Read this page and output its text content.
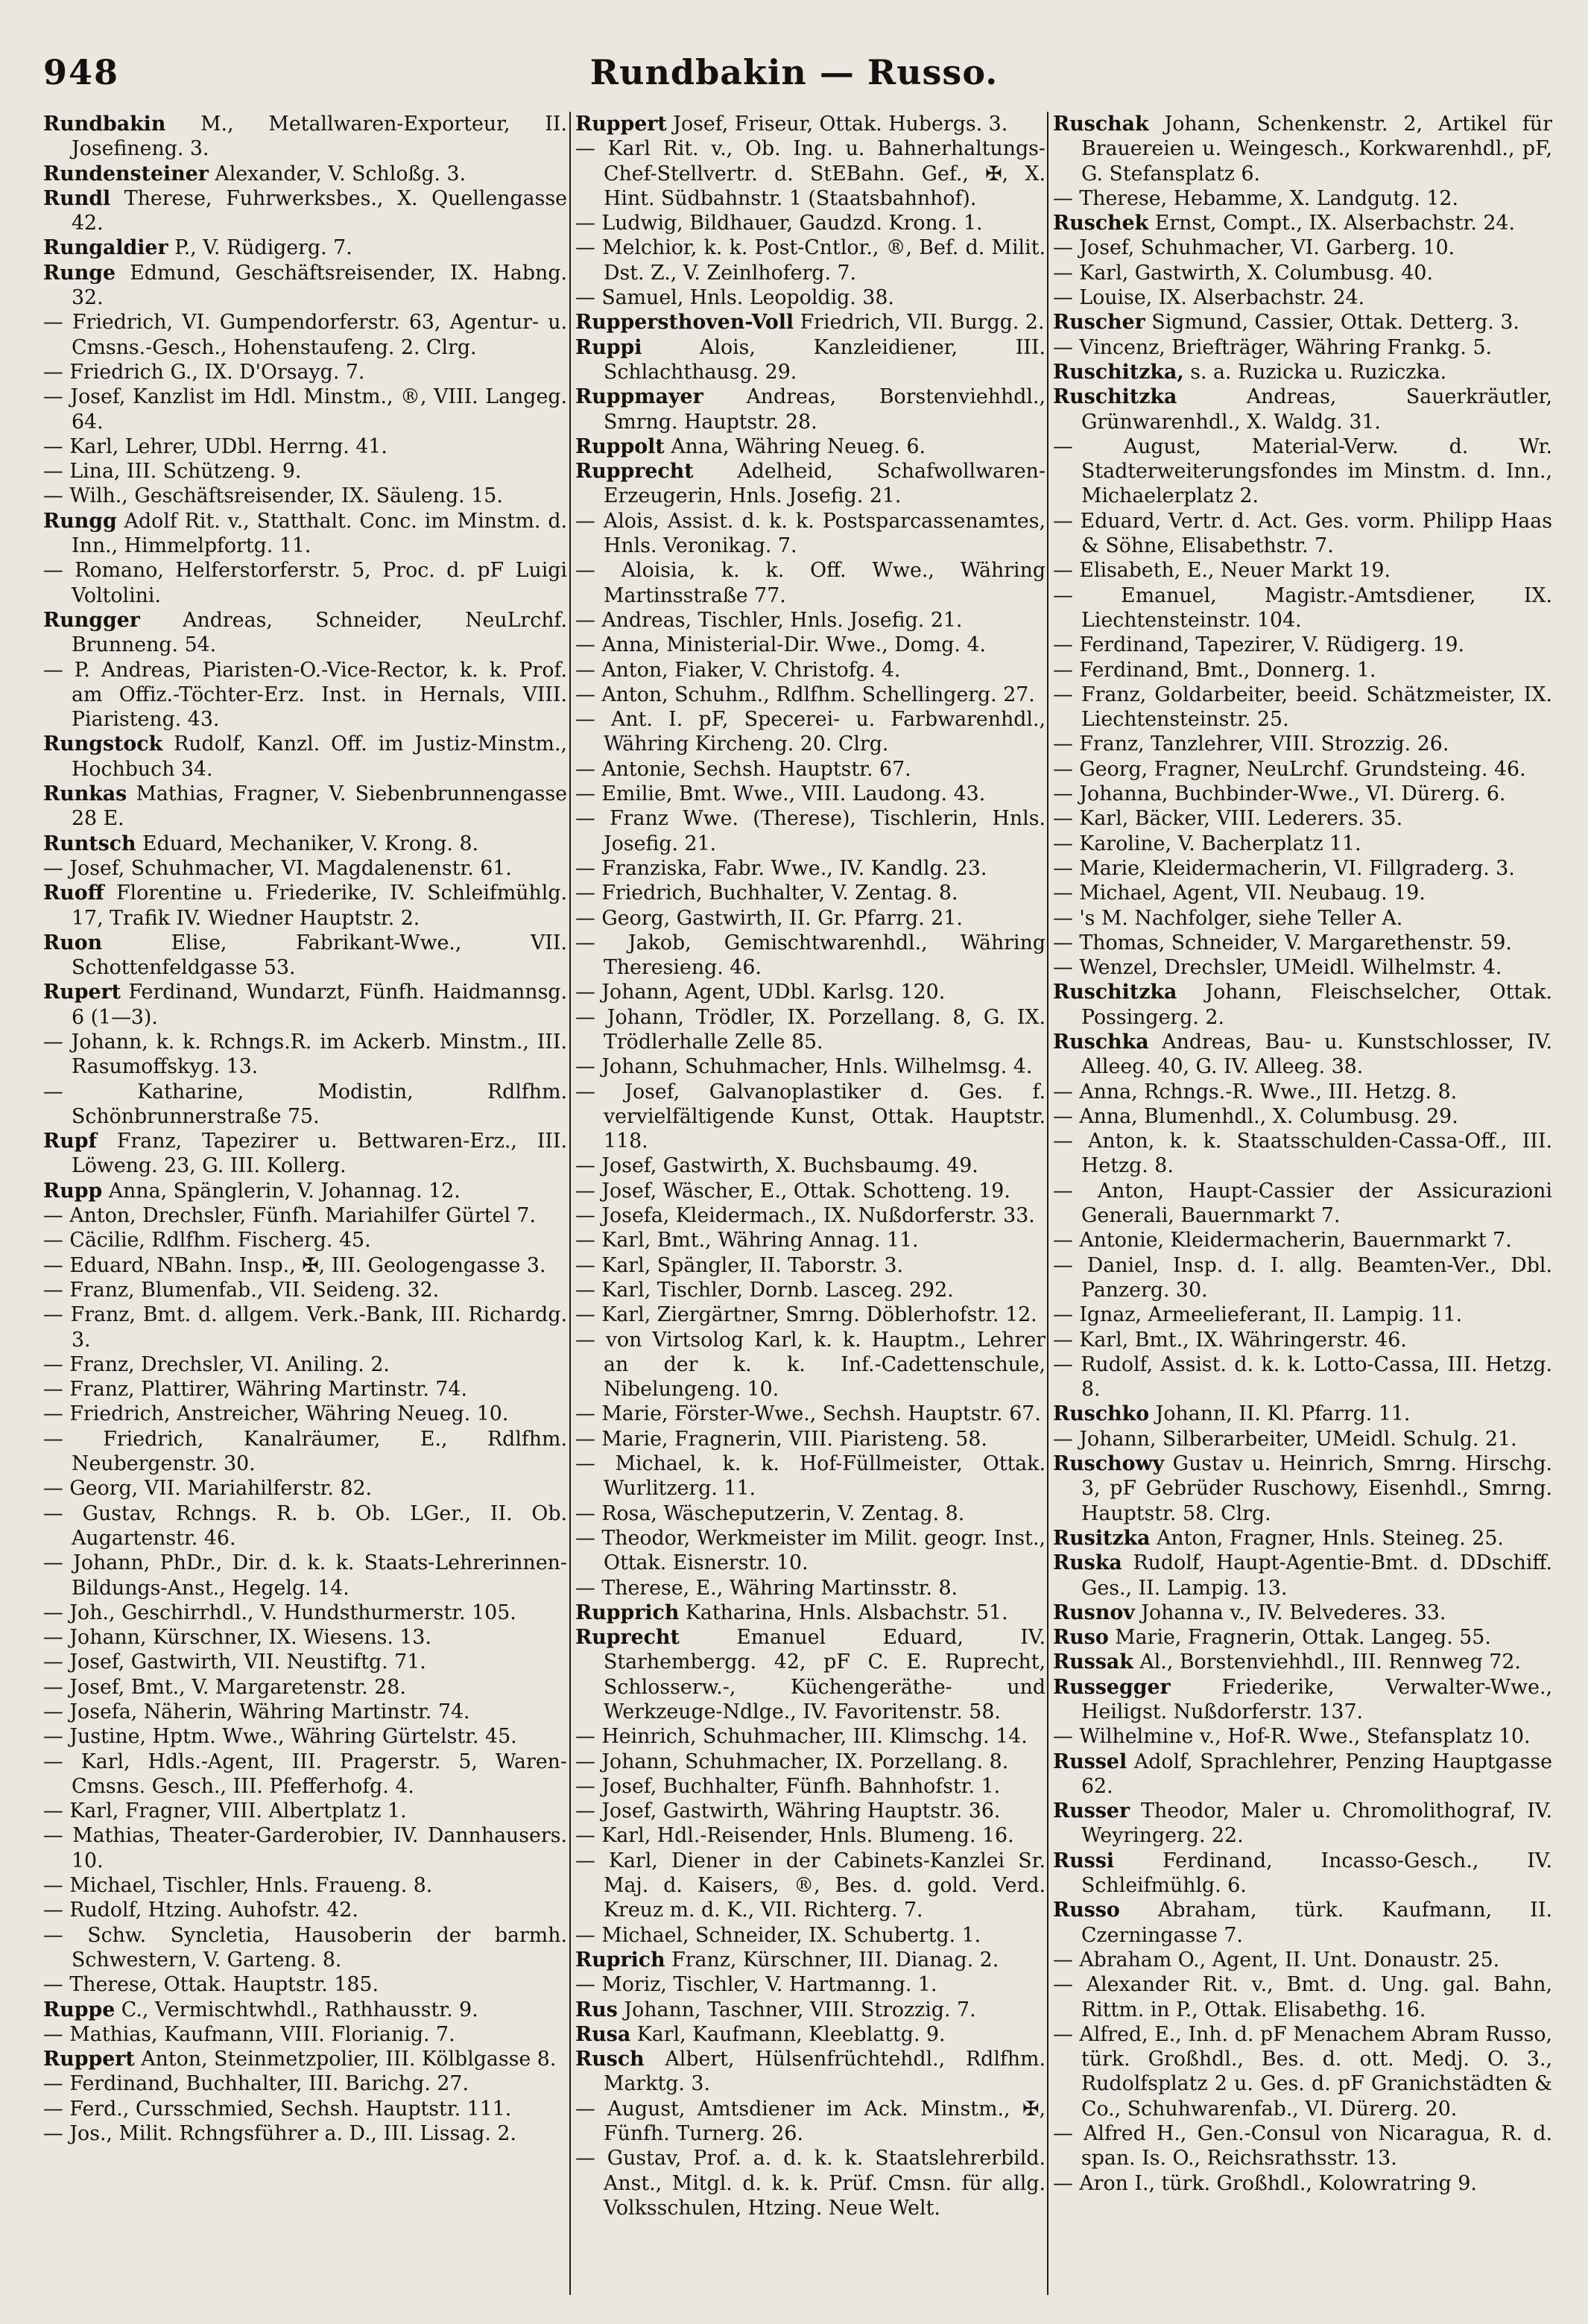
948	Rundbakin — Russo.
Rundbakin M., Metallwaren-Exporteur, II. Josefineng. 3.
Rundensteiner Alexander, V. Schloßg. 3.
Rundl Therese, Fuhrwerksbes., X. Quellengasse 42.
Rungaldier P., V. Rüdigerg. 7.
Runge Edmund, Geschäftsreisender, IX. Habng. 32.
— Friedrich, VI. Gumpendorferstr. 63, Agentur- u. Cmsns.-Gesch., Hohenstaufeng. 2. Clrg.
— Friedrich G., IX. D'Orsayg. 7.
— Josef, Kanzlist im Hdl. Minstm., ®, VIII. Langeg. 64.
— Karl, Lehrer, UDbl. Herrng. 41.
— Lina, III. Schützeng. 9.
— Wilh., Geschäftsreisender, IX. Säuleng. 15.
Rungg Adolf Rit. v., Statthalt. Conc. im Minstm. d. Inn., Himmelpfortg. 11.
— Romano, Helferstorferstr. 5, Proc. d. pF Luigi Voltolini.
Rungger Andreas, Schneider, NeuLrchf. Brunneng. 54.
— P. Andreas, Piaristen-O.-Vice-Rector, k. k. Prof. am Offiz.-Töchter-Erz. Inst. in Hernals, VIII. Piaristeng. 43.
Rungstock Rudolf, Kanzl. Off. im Justiz-Minstm., Hochbuch 34.
Runkas Mathias, Fragner, V. Siebenbrunnengasse 28 E.
Runtsch Eduard, Mechaniker, V. Krong. 8.
— Josef, Schuhmacher, VI. Magdalenenstr. 61.
Ruoff Florentine u. Friederike, IV. Schleifmühlg. 17, Trafik IV. Wiedner Hauptstr. 2.
Ruon Elise, Fabrikant-Wwe., VII. Schottenfeldgasse 53.
Rupert Ferdinand, Wundarzt, Fünfh. Haidmannsg. 6 (1—3).
— Johann, k. k. Rchngs.R. im Ackerb. Minstm., III. Rasumoffskyg. 13.
— Katharine, Modistin, Rdlfhm. Schönbrunnerstraße 75.
Rupf Franz, Tapezirer u. Bettwaren-Erz., III. Löweng. 23, G. III. Kollerg.
Rupp Anna, Spänglerin, V. Johannag. 12.
— Anton, Drechsler, Fünfh. Mariahilfer Gürtel 7.
— Cäcilie, Rdlfhm. Fischerg. 45.
— Eduard, NBahn. Insp., ✠, III. Geologengasse 3.
— Franz, Blumenfab., VII. Seideng. 32.
— Franz, Bmt. d. allgem. Verk.-Bank, III. Richardg. 3.
— Franz, Drechsler, VI. Aniling. 2.
— Franz, Plattirer, Währing Martinstr. 74.
— Friedrich, Anstreicher, Währing Neueg. 10.
— Friedrich, Kanalräumer, E., Rdlfhm. Neubergenstr. 30.
— Georg, VII. Mariahilferstr. 82.
— Gustav, Rchngs. R. b. Ob. LGer., II. Ob. Augartenstr. 46.
— Johann, PhDr., Dir. d. k. k. Staats-Lehrerinnen-Bildungs-Anst., Hegelg. 14.
— Joh., Geschirrhdl., V. Hundsthurmerstr. 105.
— Johann, Kürschner, IX. Wiesens. 13.
— Josef, Gastwirth, VII. Neustiftg. 71.
— Josef, Bmt., V. Margaretenstr. 28.
— Josefa, Näherin, Währing Martinstr. 74.
— Justine, Hptm. Wwe., Währing Gürtelstr. 45.
— Karl, Hdls.-Agent, III. Pragerstr. 5, Waren-Cmsns. Gesch., III. Pfefferhofg. 4.
— Karl, Fragner, VIII. Albertplatz 1.
— Mathias, Theater-Garderobier, IV. Dannhausers. 10.
— Michael, Tischler, Hnls. Fraueng. 8.
— Rudolf, Htzing. Auhofstr. 42.
— Schw. Syncletia, Hausoberin der barmh. Schwestern, V. Garteng. 8.
— Therese, Ottak. Hauptstr. 185.
Ruppe C., Vermischtwhdl., Rathhausstr. 9.
— Mathias, Kaufmann, VIII. Florianig. 7.
Ruppert Anton, Steinmetzpolier, III. Kölblgasse 8.
— Ferdinand, Buchhalter, III. Barichg. 27.
— Ferd., Cursschmied, Sechsh. Hauptstr. 111.
— Jos., Milit. Rchngsführer a. D., III. Lissag. 2.
Ruppert Josef, Friseur, Ottak. Hubergs. 3.
— Karl Rit. v., Ob. Ing. u. Bahnerhaltungs-Chef-Stellvertr. d. StEBahn. Gef., ✠, X. Hint. Südbahnstr. 1 (Staatsbahnhof).
— Ludwig, Bildhauer, Gaudzd. Krong. 1.
— Melchior, k. k. Post-Cntlor., ®, Bef. d. Milit. Dst. Z., V. Zeinlhoferg. 7.
— Samuel, Hnls. Leopoldig. 38.
Ruppersthoven-Voll Friedrich, VII. Burgg. 2.
Ruppi Alois, Kanzleidiener, III. Schlachthausg. 29.
Ruppmayer Andreas, Borstenviehhdl., Smrng. Hauptstr. 28.
Ruppolt Anna, Währing Neueg. 6.
Rupprecht Adelheid, Schafwollwaren-Erzeugerin, Hnls. Josefig. 21.
— Alois, Assist. d. k. k. Postsparcassenamtes, Hnls. Veronikag. 7.
— Aloisia, k. k. Off. Wwe., Währing Martinsstraße 77.
— Andreas, Tischler, Hnls. Josefig. 21.
— Anna, Ministerial-Dir. Wwe., Domg. 4.
— Anton, Fiaker, V. Christofg. 4.
— Anton, Schuhm., Rdlfhm. Schellingerg. 27.
— Ant. I. pF, Specerei- u. Farbwarenhdl., Währing Kircheng. 20. Clrg.
— Antonie, Sechsh. Hauptstr. 67.
— Emilie, Bmt. Wwe., VIII. Laudong. 43.
— Franz Wwe. (Therese), Tischlerin, Hnls. Josefig. 21.
— Franziska, Fabr. Wwe., IV. Kandlg. 23.
— Friedrich, Buchhalter, V. Zentag. 8.
— Georg, Gastwirth, II. Gr. Pfarrg. 21.
— Jakob, Gemischtwarenhdl., Währing Theresieng. 46.
— Johann, Agent, UDbl. Karlsg. 120.
— Johann, Trödler, IX. Porzellang. 8, G. IX. Trödlerhalle Zelle 85.
— Johann, Schuhmacher, Hnls. Wilhelmsg. 4.
— Josef, Galvanoplastiker d. Ges. f. vervielfältigende Kunst, Ottak. Hauptstr. 118.
— Josef, Gastwirth, X. Buchsbaumg. 49.
— Josef, Wäscher, E., Ottak. Schotteng. 19.
— Josefa, Kleidermach., IX. Nußdorferstr. 33.
— Karl, Bmt., Währing Annag. 11.
— Karl, Spängler, II. Taborstr. 3.
— Karl, Tischler, Dornb. Lasceg. 292.
— Karl, Ziergärtner, Smrng. Döblerhofstr. 12.
— von Virtsolog Karl, k. k. Hauptm., Lehrer an der k. k. Inf.-Cadettenschule, Nibelungeng. 10.
— Marie, Förster-Wwe., Sechsh. Hauptstr. 67.
— Marie, Fragnerin, VIII. Piaristeng. 58.
— Michael, k. k. Hof-Füllmeister, Ottak. Wurlitzerg. 11.
— Rosa, Wäscheputzerin, V. Zentag. 8.
— Theodor, Werkmeister im Milit. geogr. Inst., Ottak. Eisnerstr. 10.
— Therese, E., Währing Martinsstr. 8.
Rupprich Katharina, Hnls. Alsbachstr. 51.
Ruprecht Emanuel Eduard, IV. Starhembergg. 42, pF C. E. Ruprecht, Schlosserw.-, Küchengeräthe- und Werkzeuge-Ndlge., IV. Favoritenstr. 58.
— Heinrich, Schuhmacher, III. Klimschg. 14.
— Johann, Schuhmacher, IX. Porzellang. 8.
— Josef, Buchhalter, Fünfh. Bahnhofstr. 1.
— Josef, Gastwirth, Währing Hauptstr. 36.
— Karl, Hdl.-Reisender, Hnls. Blumeng. 16.
— Karl, Diener in der Cabinets-Kanzlei Sr. Maj. d. Kaisers, ®, Bes. d. gold. Verd. Kreuz m. d. K., VII. Richterg. 7.
— Michael, Schneider, IX. Schubertg. 1.
Ruprich Franz, Kürschner, III. Dianag. 2.
— Moriz, Tischler, V. Hartmanng. 1.
Rus Johann, Taschner, VIII. Strozzig. 7.
Rusa Karl, Kaufmann, Kleeblattg. 9.
Rusch Albert, Hülsenfrüchtehdl., Rdlfhm. Marktg. 3.
— August, Amtsdiener im Ack. Minstm., ✠, Fünfh. Turnerg. 26.
— Gustav, Prof. a. d. k. k. Staatslehrerbild. Anst., Mitgl. d. k. k. Prüf. Cmsn. für allg. Volksschulen, Htzing. Neue Welt.
Ruschak Johann, Schenkenstr. 2, Artikel für Brauereien u. Weingesch., Korkwarenhdl., pF, G. Stefansplatz 6.
— Therese, Hebamme, X. Landgutg. 12.
Ruschek Ernst, Compt., IX. Alserbachstr. 24.
— Josef, Schuhmacher, VI. Garberg. 10.
— Karl, Gastwirth, X. Columbusg. 40.
— Louise, IX. Alserbachstr. 24.
Ruscher Sigmund, Cassier, Ottak. Detterg. 3.
— Vincenz, Briefträger, Währing Frankg. 5.
Ruschitzka, s. a. Ruzicka u. Ruziczka.
Ruschitzka Andreas, Sauerkräutler, Grünwarenhdl., X. Waldg. 31.
— August, Material-Verw. d. Wr. Stadterweiterungsfondes im Minstm. d. Inn., Michaelerplatz 2.
— Eduard, Vertr. d. Act. Ges. vorm. Philipp Haas & Söhne, Elisabethstr. 7.
— Elisabeth, E., Neuer Markt 19.
— Emanuel, Magistr.-Amtsdiener, IX. Liechtensteinstr. 104.
— Ferdinand, Tapezirer, V. Rüdigerg. 19.
— Ferdinand, Bmt., Donnerg. 1.
— Franz, Goldarbeiter, beeid. Schätzmeister, IX. Liechtensteinstr. 25.
— Franz, Tanzlehrer, VIII. Strozzig. 26.
— Georg, Fragner, NeuLrchf. Grundsteing. 46.
— Johanna, Buchbinder-Wwe., VI. Dürerg. 6.
— Karl, Bäcker, VIII. Lederers. 35.
— Karoline, V. Bacherplatz 11.
— Marie, Kleidermacherin, VI. Fillgraderg. 3.
— Michael, Agent, VII. Neubaug. 19.
— 's M. Nachfolger, siehe Teller A.
— Thomas, Schneider, V. Margarethenstr. 59.
— Wenzel, Drechsler, UMeidl. Wilhelmstr. 4.
Ruschitzka Johann, Fleischselcher, Ottak. Possingerg. 2.
Ruschka Andreas, Bau- u. Kunstschlosser, IV. Alleeg. 40, G. IV. Alleeg. 38.
— Anna, Rchngs.-R. Wwe., III. Hetzg. 8.
— Anna, Blumenhdl., X. Columbusg. 29.
— Anton, k. k. Staatsschulden-Cassa-Off., III. Hetzg. 8.
— Anton, Haupt-Cassier der Assicurazioni Generali, Bauernmarkt 7.
— Antonie, Kleidermacherin, Bauernmarkt 7.
— Daniel, Insp. d. I. allg. Beamten-Ver., Dbl. Panzerg. 30.
— Ignaz, Armeelieferant, II. Lampig. 11.
— Karl, Bmt., IX. Währingerstr. 46.
— Rudolf, Assist. d. k. k. Lotto-Cassa, III. Hetzg. 8.
Ruschko Johann, II. Kl. Pfarrg. 11.
— Johann, Silberarbeiter, UMeidl. Schulg. 21.
Ruschowy Gustav u. Heinrich, Smrng. Hirschg. 3, pF Gebrüder Ruschowy, Eisenhdl., Smrng. Hauptstr. 58. Clrg.
Rusitzka Anton, Fragner, Hnls. Steineg. 25.
Ruska Rudolf, Haupt-Agentie-Bmt. d. DDschiff. Ges., II. Lampig. 13.
Rusnov Johanna v., IV. Belvederes. 33.
Ruso Marie, Fragnerin, Ottak. Langeg. 55.
Russak Al., Borstenviehhdl., III. Rennweg 72.
Russegger Friederike, Verwalter-Wwe., Heiligst. Nußdorferstr. 137.
— Wilhelmine v., Hof-R. Wwe., Stefansplatz 10.
Russel Adolf, Sprachlehrer, Penzing Hauptgasse 62.
Russer Theodor, Maler u. Chromolithograf, IV. Weyringerg. 22.
Russi Ferdinand, Incasso-Gesch., IV. Schleifmühlg. 6.
Russo Abraham, türk. Kaufmann, II. Czerningasse 7.
— Abraham O., Agent, II. Unt. Donaustr. 25.
— Alexander Rit. v., Bmt. d. Ung. gal. Bahn, Rittm. in P., Ottak. Elisabethg. 16.
— Alfred, E., Inh. d. pF Menachem Abram Russo, türk. Großhdl., Bes. d. ott. Medj. O. 3., Rudolfsplatz 2 u. Ges. d. pF Granichstädten & Co., Schuhwarenfab., VI. Dürerg. 20.
— Alfred H., Gen.-Consul von Nicaragua, R. d. span. Is. O., Reichsrathsstr. 13.
— Aron I., türk. Großhdl., Kolowratring 9.
